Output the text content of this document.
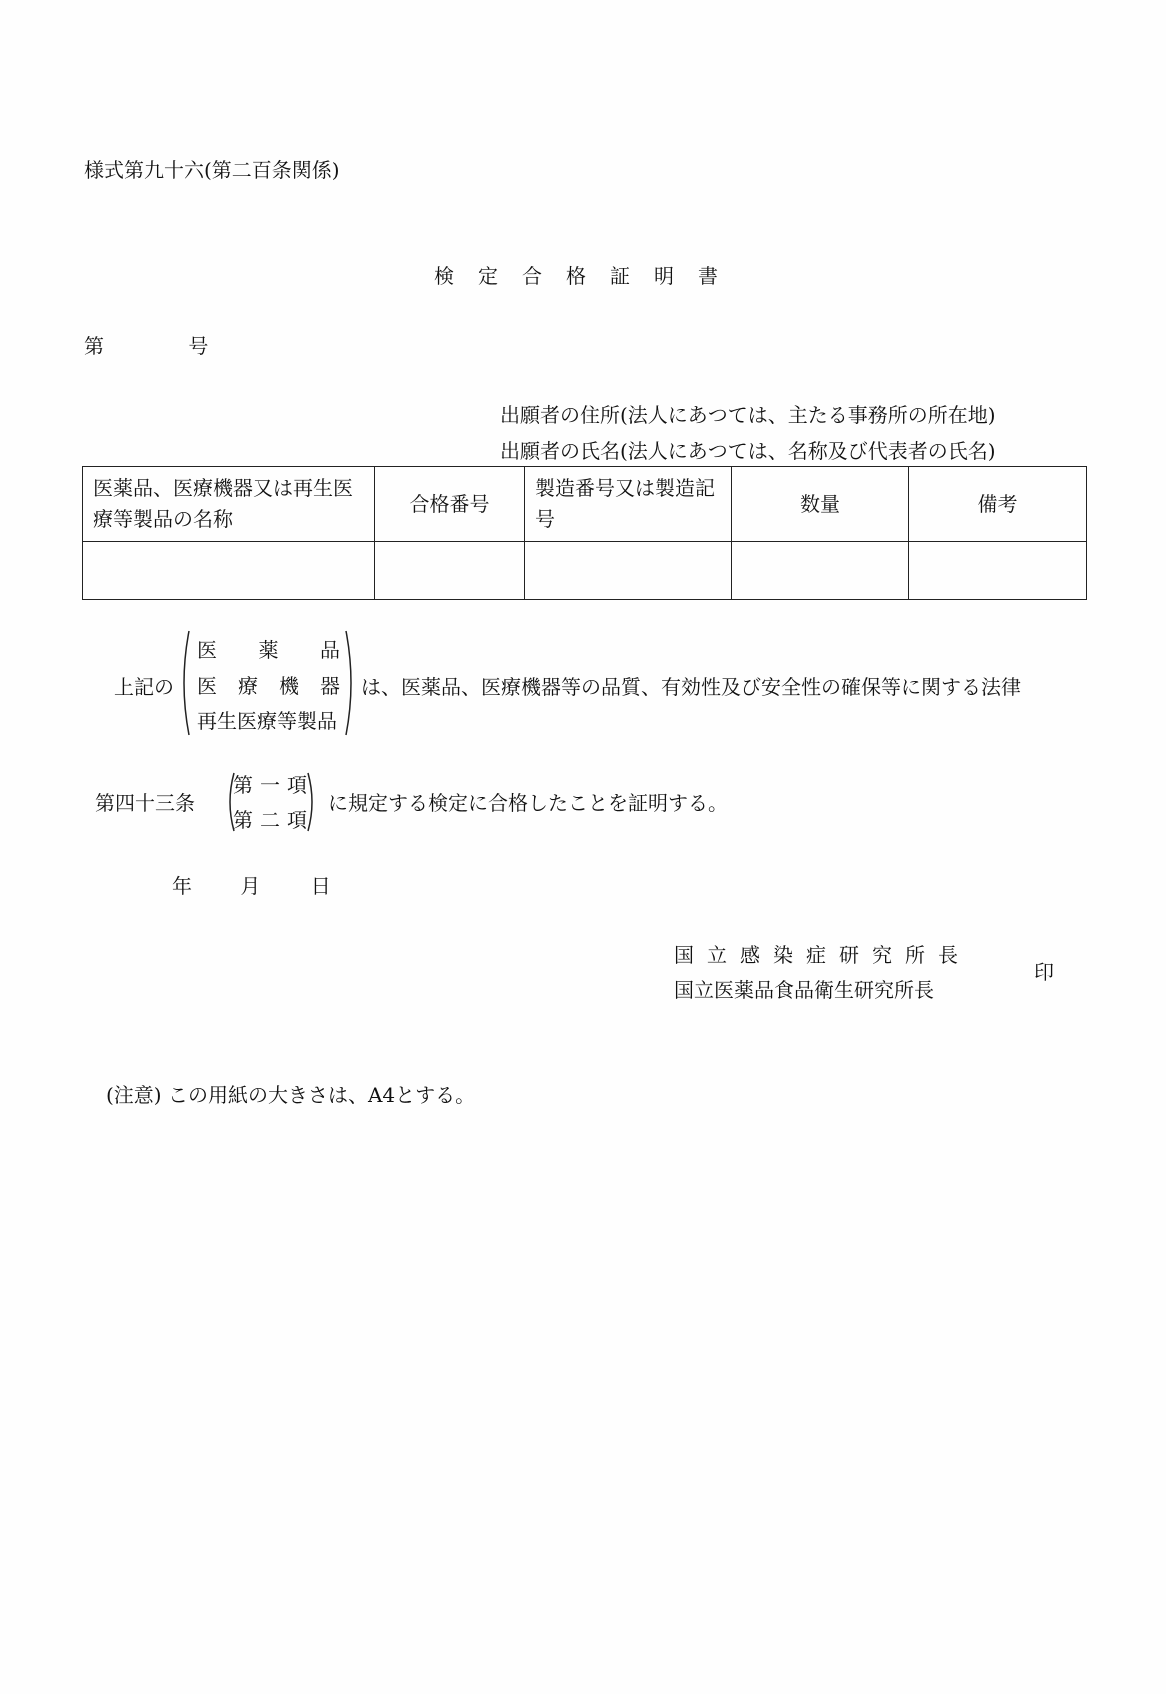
様式第九十六(第二百条関係)
検定合格証明書
第	号
出願者の住所(法人にあつては、主たる事務所の所在地)
出願者の氏名(法人にあつては、名称及び代表者の氏名)
医薬品、医療機器又は再生医療等製品の名称	合格番号	製造番号又は製造記号	数量	備考

上記の
医 薬 品
医 療 機 器
再生医療等製品
は、医薬品、医療機器等の品質、有効性及び安全性の確保等に関する法律
第四十三条
第 一 項
第 二 項
に規定する検定に合格したことを証明する。
年 月	日
国 立 感 染 症 研 究 所 長
国立医薬品食品衛生研究所長
印
(注意) この用紙の大きさは、A4とする。
